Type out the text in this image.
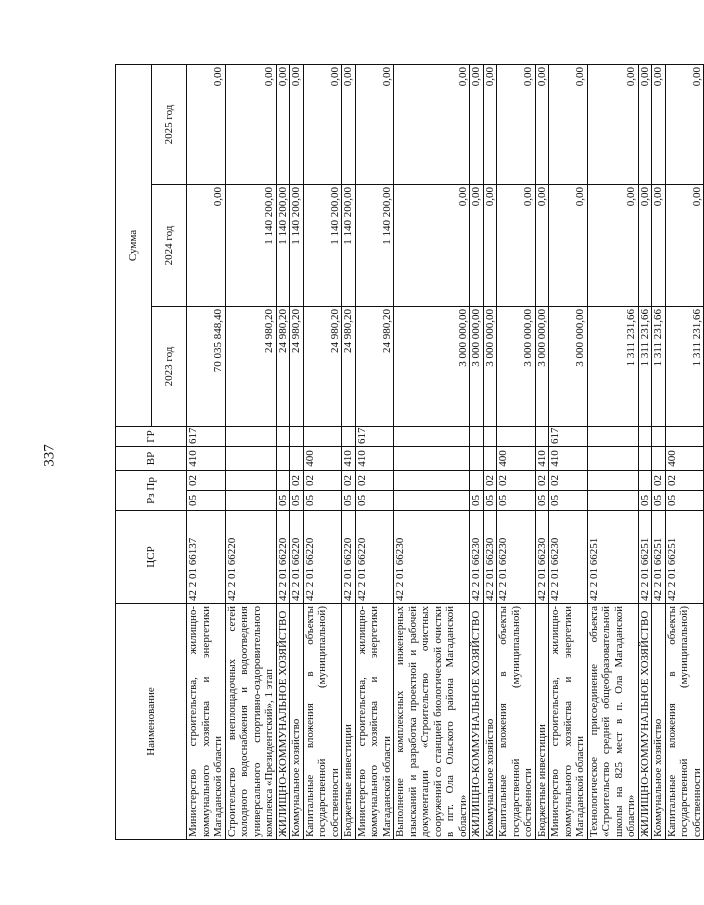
337
Наименование	ЦСР	Рз Пр		ВР	ГР	Сумма		
						2023 год	2024 год	2025 год
Министерство строительства, жилищно-коммунального хозяйства и энергетики Магаданской области	42 2 01 66137	05	02	410	617	70 035 848,40	0,00	0,00
Строительство внеплощадочных сетей холодного водоснабжения и водоотведения универсального спортивно-оздоровительного комплекса «Президентский», 1 этап	42 2 01 66220					24 980,20	1 140 200,00	0,00
ЖИЛИЩНО-КОММУНАЛЬНОЕ ХОЗЯЙСТВО	42 2 01 66220	05				24 980,20	1 140 200,00	0,00
Коммунальное хозяйство	42 2 01 66220	05	02			24 980,20	1 140 200,00	0,00
Капитальные вложения в объекты государственной (муниципальной) собственности	42 2 01 66220	05	02	400		24 980,20	1 140 200,00	0,00
Бюджетные инвестиции	42 2 01 66220	05	02	410		24 980,20	1 140 200,00	0,00
Министерство строительства, жилищно-коммунального хозяйства и энергетики Магаданской области	42 2 01 66220	05	02	410	617	24 980,20	1 140 200,00	0,00
Выполнение комплексных инженерных изысканий и разработка проектной и рабочей документации «Строительство очистных сооружений со станцией биологической очистки в пгт. Ола Ольского района Магаданской области»	42 2 01 66230					3 000 000,00	0,00	0,00
ЖИЛИЩНО-КОММУНАЛЬНОЕ ХОЗЯЙСТВО	42 2 01 66230	05				3 000 000,00	0,00	0,00
Коммунальное хозяйство	42 2 01 66230	05	02			3 000 000,00	0,00	0,00
Капитальные вложения в объекты государственной (муниципальной) собственности	42 2 01 66230	05	02	400		3 000 000,00	0,00	0,00
Бюджетные инвестиции	42 2 01 66230	05	02	410		3 000 000,00	0,00	0,00
Министерство строительства, жилищно-коммунального хозяйства и энергетики Магаданской области	42 2 01 66230	05	02	410	617	3 000 000,00	0,00	0,00
Технологическое присоединение объекта «Строительство средней общеобразовательной школы на 825 мест в п. Ола Магаданской области»	42 2 01 66251					1 311 231,66	0,00	0,00
ЖИЛИЩНО-КОММУНАЛЬНОЕ ХОЗЯЙСТВО	42 2 01 66251	05				1 311 231,66	0,00	0,00
Коммунальное хозяйство	42 2 01 66251	05	02			1 311 231,66	0,00	0,00
Капитальные вложения в объекты государственной (муниципальной) собственности	42 2 01 66251	05	02	400		1 311 231,66	0,00	0,00
